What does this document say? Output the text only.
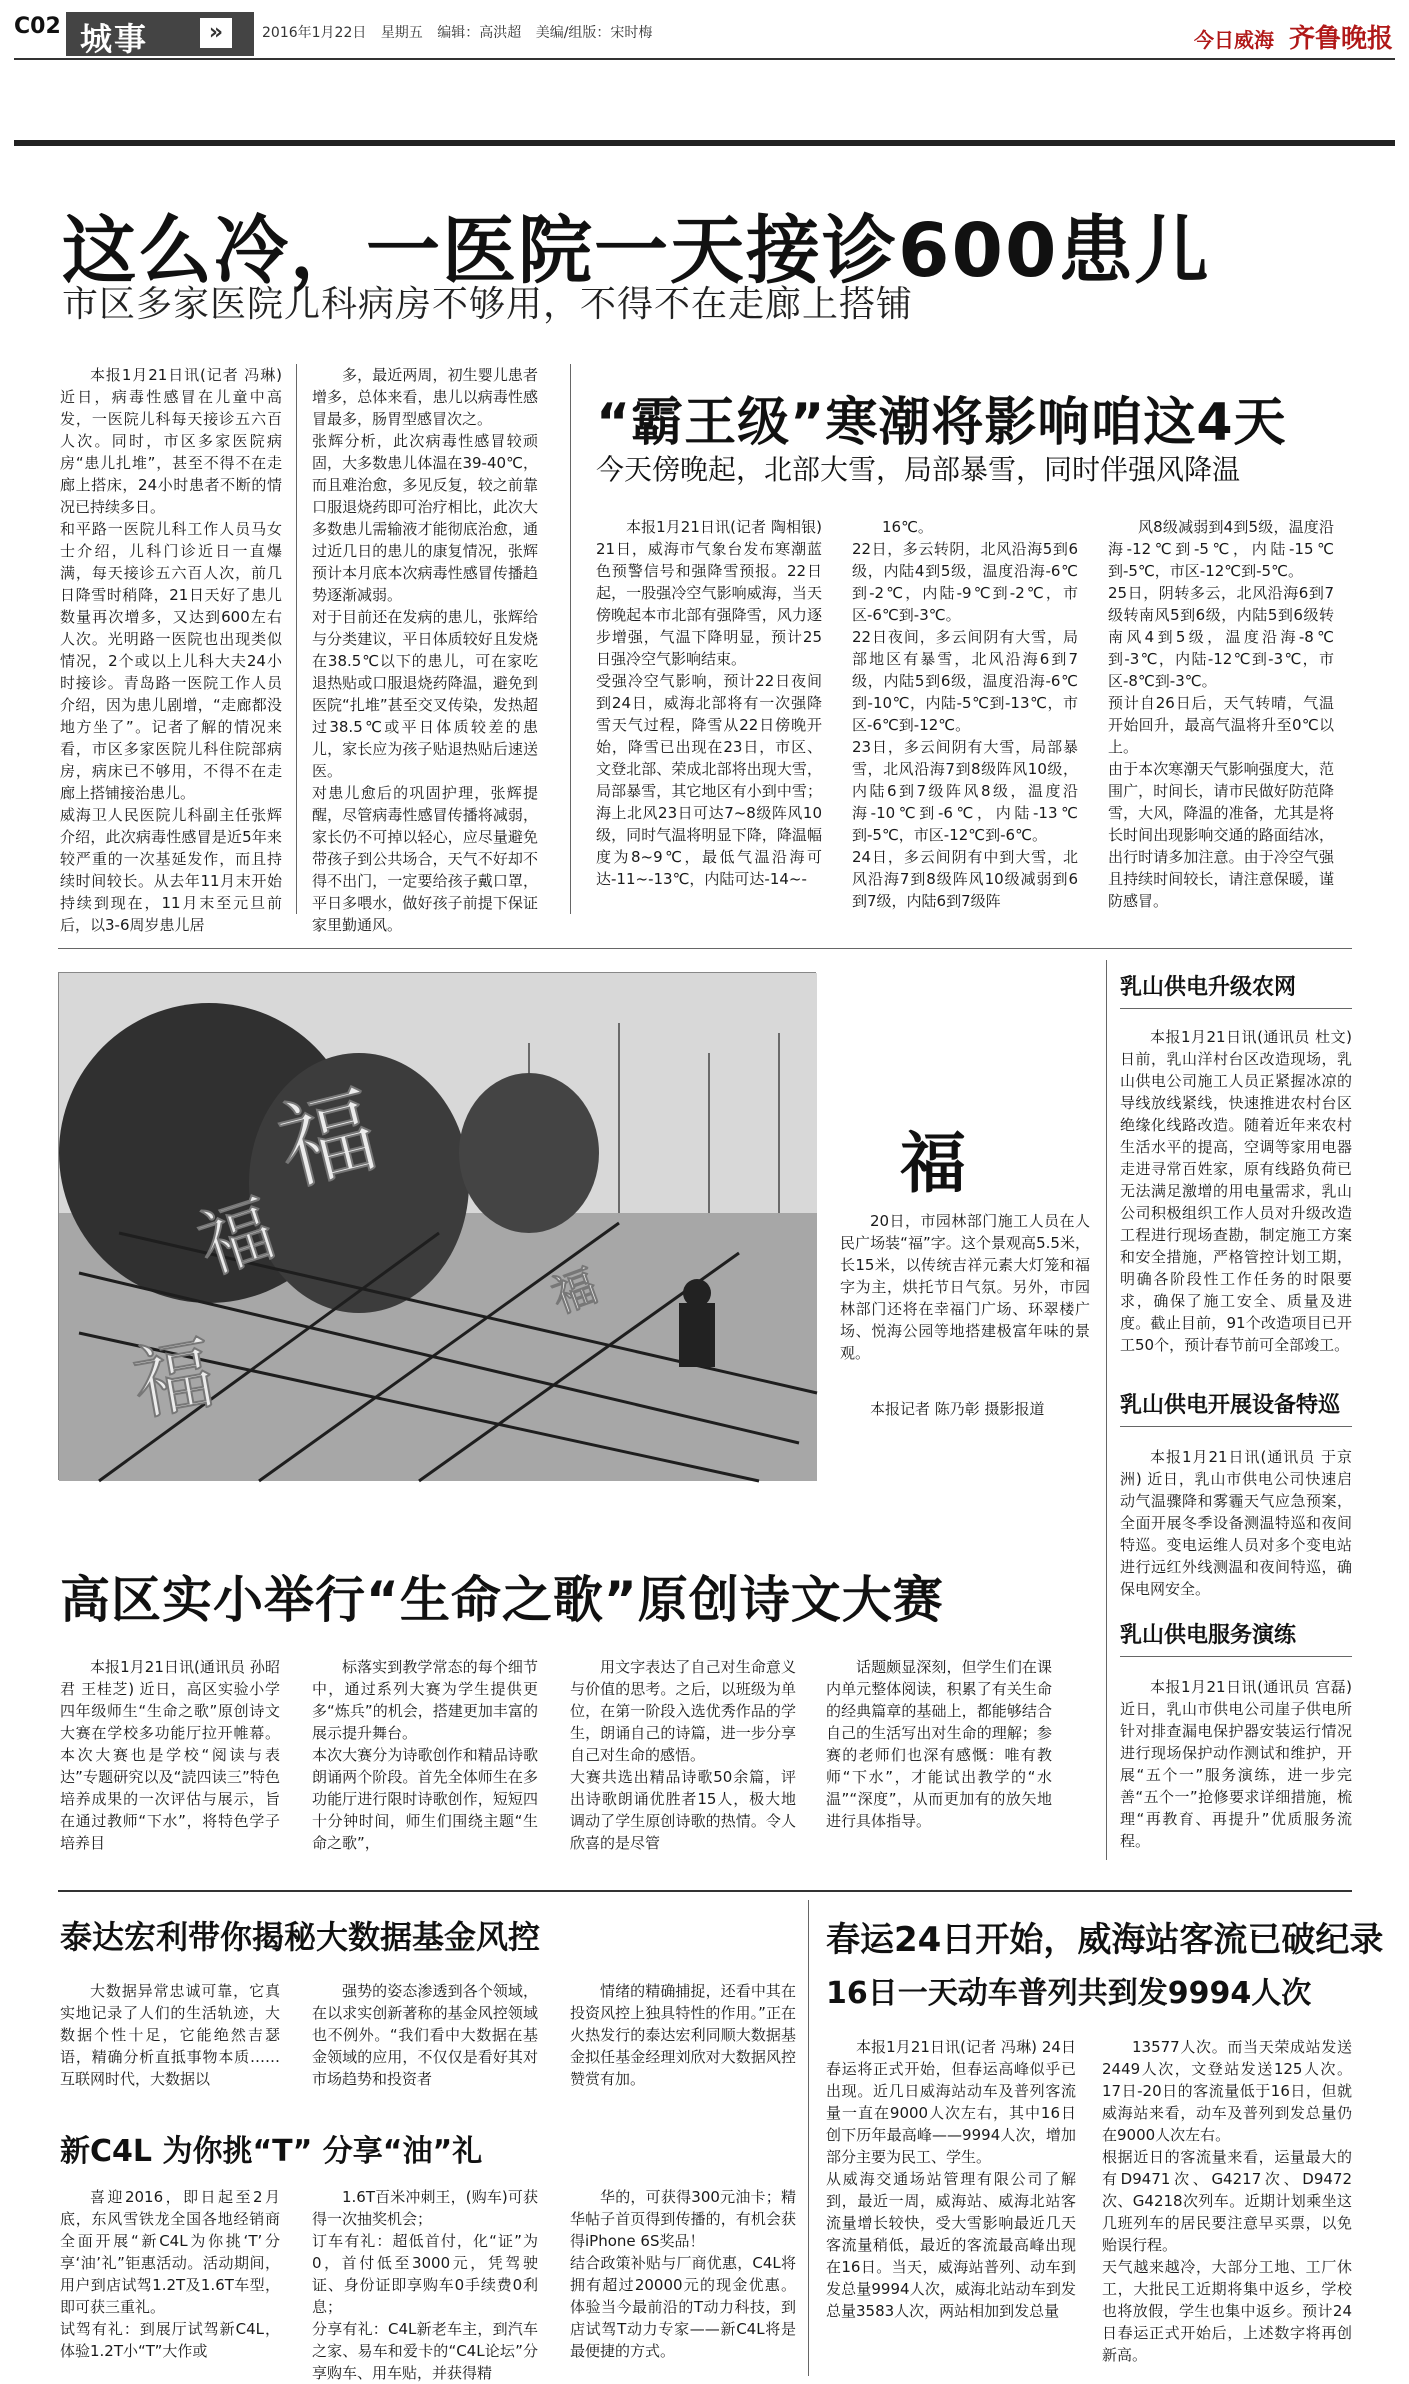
C02 城事	»	2016年1月22日 星期五 编辑：高洪超 美编/组版：宋时梅	今日威海 齐鲁晚报
这么冷，一医院一天接诊600患儿
市区多家医院儿科病房不够用，不得不在走廊上搭铺
本报1月21日讯(记者 冯琳) 近日，病毒性感冒在儿童中高发，一医院儿科每天接诊五六百人次。同时，市区多家医院病房“患儿扎堆”，甚至不得不在走廊上搭床，24小时患者不断的情况已持续多日。
和平路一医院儿科工作人员马女士介绍，儿科门诊近日一直爆满，每天接诊五六百人次，前几日降雪时稍降，21日天好了患儿数量再次增多，又达到600左右人次。光明路一医院也出现类似情况，2个或以上儿科大夫24小时接诊。青岛路一医院工作人员介绍，因为患儿剧增，“走廊都没地方坐了”。记者了解的情况来看，市区多家医院儿科住院部病房，病床已不够用，不得不在走廊上搭铺接治患儿。
威海卫人民医院儿科副主任张辉介绍，此次病毒性感冒是近5年来较严重的一次基延发作，而且持续时间较长。从去年11月末开始持续到现在，11月末至元旦前后，以3-6周岁患儿居
多，最近两周，初生婴儿患者增多，总体来看，患儿以病毒性感冒最多，肠胃型感冒次之。
张辉分析，此次病毒性感冒较顽固，大多数患儿体温在39-40℃，而且难治愈，多见反复，较之前靠口服退烧药即可治疗相比，此次大多数患儿需输液才能彻底治愈，通过近几日的患儿的康复情况，张辉预计本月底本次病毒性感冒传播趋势逐渐减弱。
对于目前还在发病的患儿，张辉给与分类建议，平日体质较好且发烧在38.5℃以下的患儿，可在家吃退热贴或口服退烧药降温，避免到医院“扎堆”甚至交叉传染，发热超过38.5℃或平日体质较差的患儿，家长应为孩子贴退热贴后速送医。
对患儿愈后的巩固护理，张辉提醒，尽管病毒性感冒传播将减弱，家长仍不可掉以轻心，应尽量避免带孩子到公共场合，天气不好却不得不出门，一定要给孩子戴口罩，平日多喂水，做好孩子前提下保证家里勤通风。
“霸王级”寒潮将影响咱这4天
今天傍晚起，北部大雪，局部暴雪，同时伴强风降温
本报1月21日讯(记者 陶相银) 21日，威海市气象台发布寒潮蓝色预警信号和强降雪预报。22日起，一股强冷空气影响威海，当天傍晚起本市北部有强降雪，风力逐步增强，气温下降明显，预计25日强冷空气影响结束。
受强冷空气影响，预计22日夜间到24日，威海北部将有一次强降雪天气过程，降雪从22日傍晚开始，降雪已出现在23日，市区、文登北部、荣成北部将出现大雪，局部暴雪，其它地区有小到中雪；海上北风23日可达7~8级阵风10级，同时气温将明显下降，降温幅度为8~9℃，最低气温沿海可达-11~-13℃，内陆可达-14~-
16℃。
22日，多云转阴，北风沿海5到6级，内陆4到5级，温度沿海-6℃到-2℃，内陆-9℃到-2℃，市区-6℃到-3℃。
22日夜间，多云间阴有大雪，局部地区有暴雪，北风沿海6到7级，内陆5到6级，温度沿海-6℃到-10℃，内陆-5℃到-13℃，市区-6℃到-12℃。
23日，多云间阴有大雪，局部暴雪，北风沿海7到8级阵风10级，内陆6到7级阵风8级，温度沿海-10℃到-6℃，内陆-13℃到-5℃，市区-12℃到-6℃。
24日，多云间阴有中到大雪，北风沿海7到8级阵风10级减弱到6到7级，内陆6到7级阵
风8级减弱到4到5级，温度沿海-12℃到-5℃，内陆-15℃到-5℃，市区-12℃到-5℃。
25日，阴转多云，北风沿海6到7级转南风5到6级，内陆5到6级转南风4到5级，温度沿海-8℃到-3℃，内陆-12℃到-3℃，市区-8℃到-3℃。
预计自26日后，天气转晴，气温开始回升，最高气温将升至0℃以上。
由于本次寒潮天气影响强度大，范围广，时间长，请市民做好防范降雪，大风，降温的准备，尤其是将长时间出现影响交通的路面结冰，出行时请多加注意。由于冷空气强且持续时间较长，请注意保暖，谨防感冒。
福
福
福
福
福
20日，市园林部门施工人员在人民广场装“福”字。这个景观高5.5米，长15米，以传统吉祥元素大灯笼和福字为主，烘托节日气氛。另外，市园林部门还将在幸福门广场、环翠楼广场、悦海公园等地搭建极富年味的景观。
本报记者 陈乃彰 摄影报道
高区实小举行“生命之歌”原创诗文大赛
本报1月21日讯(通讯员 孙昭君 王桂芝) 近日，高区实验小学四年级师生“生命之歌”原创诗文大赛在学校多功能厅拉开帷幕。本次大赛也是学校“阅读与表达”专题研究以及“読四读三”特色培养成果的一次评估与展示，旨在通过教师“下水”，将特色学子培养目
标落实到教学常态的每个细节中，通过系列大赛为学生提供更多“炼兵”的机会，搭建更加丰富的展示提升舞台。
本次大赛分为诗歌创作和精品诗歌朗诵两个阶段。首先全体师生在多功能厅进行限时诗歌创作，短短四十分钟时间，师生们围绕主题“生命之歌”，
用文字表达了自己对生命意义与价值的思考。之后，以班级为单位，在第一阶段入选优秀作品的学生，朗诵自己的诗篇，进一步分享自己对生命的感悟。
大赛共选出精品诗歌50余篇，评出诗歌朗诵优胜者15人，极大地调动了学生原创诗歌的热情。令人欣喜的是尽管
话题颇显深刻，但学生们在课内单元整体阅读，积累了有关生命的经典篇章的基础上，都能够结合自己的生活写出对生命的理解；参赛的老师们也深有感慨：唯有教师“下水”，才能试出教学的“水温”“深度”，从而更加有的放矢地进行具体指导。
乳山供电升级农网
本报1月21日讯(通讯员 杜文) 日前，乳山洋村台区改造现场，乳山供电公司施工人员正紧握冰凉的导线放线紧线，快速推进农村台区绝缘化线路改造。随着近年来农村生活水平的提高，空调等家用电器走进寻常百姓家，原有线路负荷已无法满足激增的用电量需求，乳山公司积极组织工作人员对升级改造工程进行现场查勘，制定施工方案和安全措施，严格管控计划工期，明确各阶段性工作任务的时限要求，确保了施工安全、质量及进度。截止目前，91个改造项目已开工50个，预计春节前可全部竣工。
乳山供电开展设备特巡
本报1月21日讯(通讯员 于京洲) 近日，乳山市供电公司快速启动气温骤降和雾霾天气应急预案，全面开展冬季设备测温特巡和夜间特巡。变电运维人员对多个变电站进行远红外线测温和夜间特巡，确保电网安全。
乳山供电服务演练
本报1月21日讯(通讯员 宫磊) 近日，乳山市供电公司崖子供电所针对排查漏电保护器安装运行情况进行现场保护动作测试和维护，开展“五个一”服务演练，进一步完善“五个一”抢修要求详细措施，梳理“再教育、再提升”优质服务流程。
泰达宏利带你揭秘大数据基金风控
大数据异常忠诚可靠，它真实地记录了人们的生活轨迹，大数据个性十足，它能绝然吉瑟语，精确分析直抵事物本质……互联网时代，大数据以
强势的姿态渗透到各个领域，在以求实创新著称的基金风控领域也不例外。“我们看中大数据在基金领域的应用，不仅仅是看好其对市场趋势和投资者
情绪的精确捕捉，还看中其在投资风控上独具特性的作用。”正在火热发行的泰达宏利同顺大数据基金拟任基金经理刘欣对大数据风控赞赏有加。
新C4L 为你挑“T” 分享“油”礼
喜迎2016，即日起至2月底，东风雪铁龙全国各地经销商全面开展“新C4L为你挑‘T’分享‘油’礼”钜惠活动。活动期间，用户到店试驾1.2T及1.6T车型，即可获三重礼。
试驾有礼：到展厅试驾新C4L，体验1.2T小“T”大作或
1.6T百米冲刺王，(购车)可获得一次抽奖机会；
订车有礼：超低首付，化“证”为0，首付低至3000元，凭驾驶证、身份证即享购车0手续费0利息；
分享有礼：C4L新老车主，到汽车之家、易车和爱卡的“C4L论坛”分享购车、用车贴，并获得精
华的，可获得300元油卡；精华帖子首页得到传播的，有机会获得iPhone 6S奖品！
结合政策补贴与厂商优惠，C4L将拥有超过20000元的现金优惠。体验当今最前沿的T动力科技，到店试驾T动力专家——新C4L将是最便捷的方式。
春运24日开始，威海站客流已破纪录
16日一天动车普列共到发9994人次
本报1月21日讯(记者 冯琳) 24日春运将正式开始，但春运高峰似乎已出现。近几日威海站动车及普列客流量一直在9000人次左右，其中16日创下历年最高峰——9994人次，增加部分主要为民工、学生。
从威海交通场站管理有限公司了解到，最近一周，威海站、威海北站客流量增长较快，受大雪影响最近几天客流量稍低，最近的客流最高峰出现在16日。当天，威海站普列、动车到发总量9994人次，威海北站动车到发总量3583人次，两站相加到发总量
13577人次。而当天荣成站发送2449人次，文登站发送125人次。17日-20日的客流量低于16日，但就威海站来看，动车及普列到发总量仍在9000人次左右。
根据近日的客流量来看，运量最大的有D9471次、G4217次、D9472次、G4218次列车。近期计划乘坐这几班列车的居民要注意早买票，以免贻误行程。
天气越来越冷，大部分工地、工厂休工，大批民工近期将集中返乡，学校也将放假，学生也集中返乡。预计24日春运正式开始后，上述数字将再创新高。
